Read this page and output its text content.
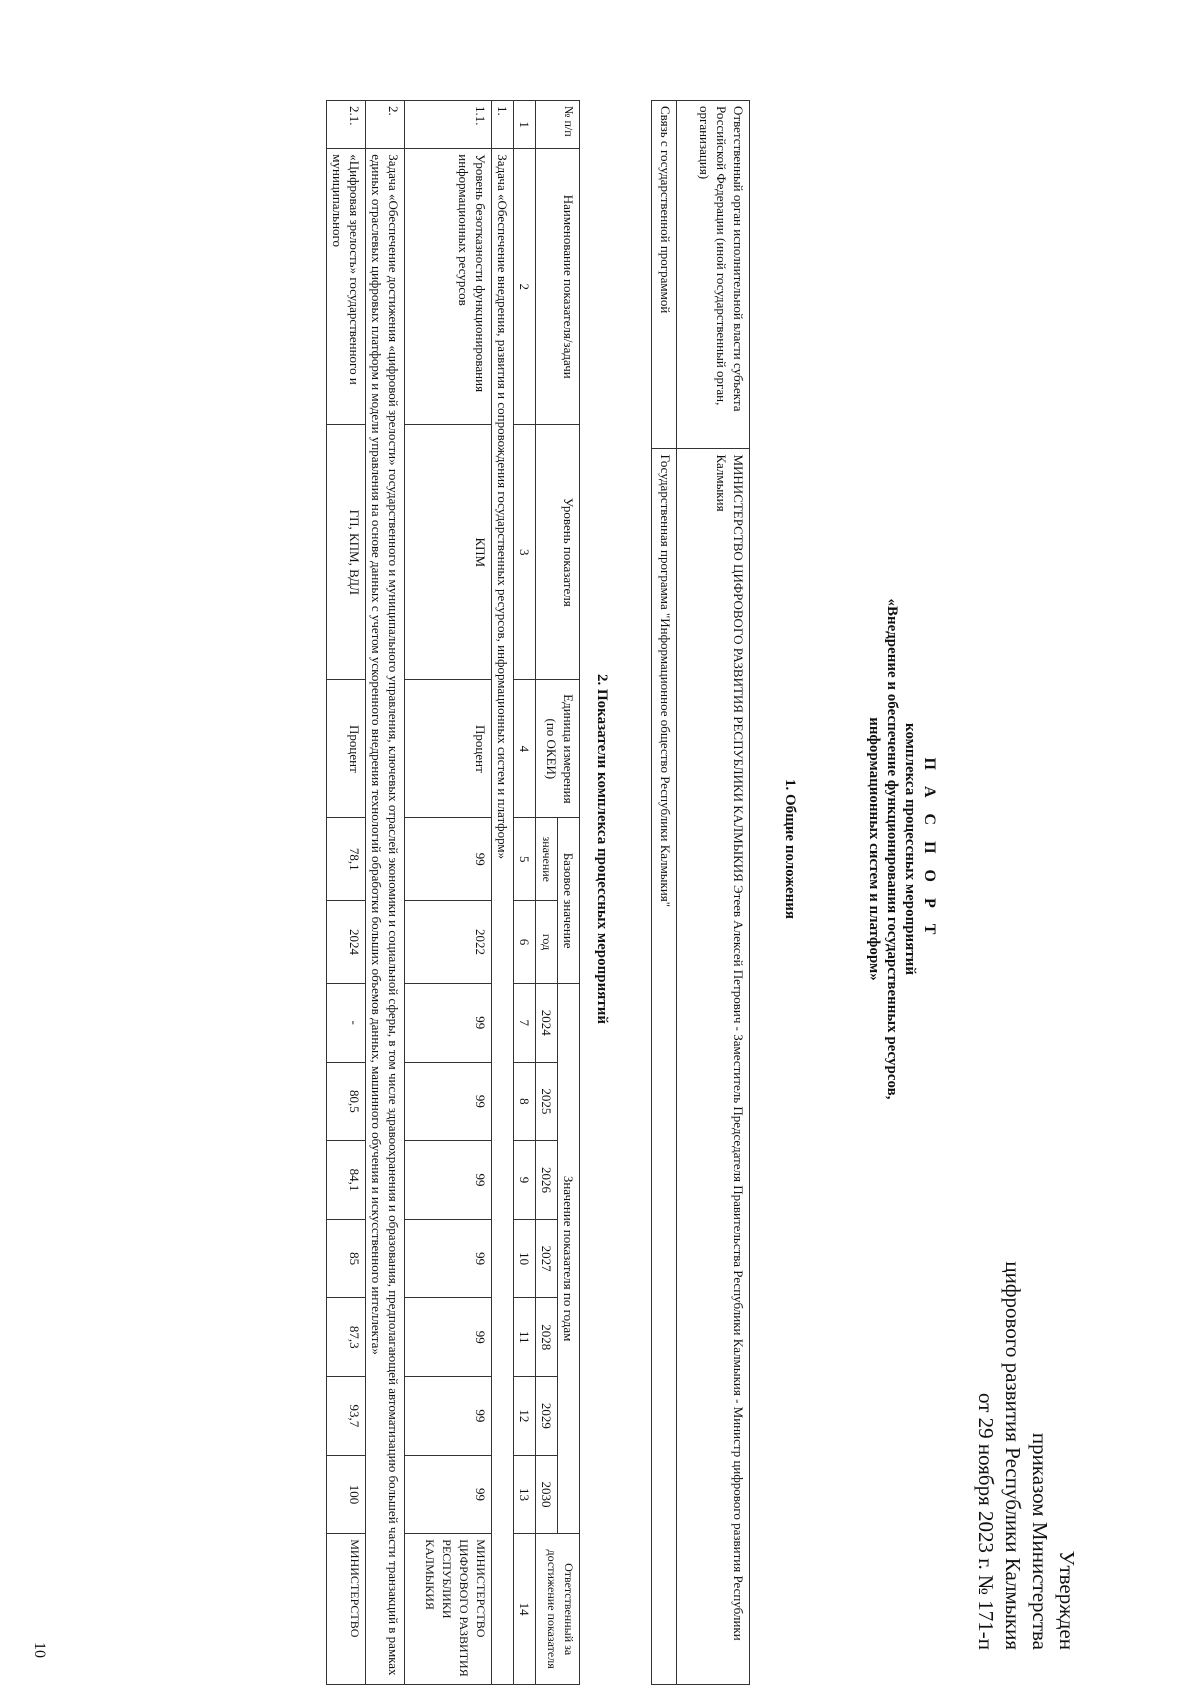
Утвержден
приказом Министерства
цифрового развития Республики Калмыкия
от 29 ноября 2023 г. № 171-п
П А С П О Р Т
комплекса процессных мероприятий
«Внедрение и обеспечение функционирования государственных ресурсов,
информационных систем и платформ»
1. Общие положения
Ответственный орган исполнительной власти субъекта Российской Федерации (иной государственный орган, организация)	МИНИСТЕРСТВО ЦИФРОВОГО РАЗВИТИЯ РЕСПУБЛИКИ КАЛМЫКИЯ Этеев Алексей Петрович - Заместитель Председателя Правительства Республики Калмыкия - Министр цифрового развития Республики Калмыкия
Связь с государственной программой	Государственная программа "Информационное общество Республики Калмыкия"
2. Показатели комплекса процессных мероприятий
№ п/п	Наименование показателя/задачи	Уровень показателя	Единица измерения (по ОКЕИ)	Базовое значение		Значение показателя по годам							Ответственный за достижение показателя
				значение	год	2024	2025	2026	2027	2028	2029	2030	
1	2	3	4	5	6	7	8	9	10	11	12	13	14
1.	Задача «Обеспечение внедрения, развития и сопровождения государственных ресурсов, информационных систем и платформ»												
1.1.	Уровень безотказности функционирования информационных ресурсов	КПМ	Процент	99	2022	99	99	99	99	99	99	99	МИНИСТЕРСТВО ЦИФРОВОГО РАЗВИТИЯ РЕСПУБЛИКИ КАЛМЫКИЯ
2.	Задача «Обеспечение достижения «цифровой зрелости» государственного и муниципального управления, ключевых отраслей экономики и социальной сферы, в том числе здравоохранения и образования, предполагающей автоматизацию большей части транзакций в рамках единых отраслевых цифровых платформ и модели управления на основе данных с учетом ускоренного внедрения технологий обработки больших объемов данных, машинного обучения и искусственного интеллекта»												
2.1.	«Цифровая зрелость» государственного и муниципального	ГП, КПМ, ВДЛ	Процент	78,1	2024	-	80,5	84,1	85	87,3	93,7	100	МИНИСТЕРСТВО
10
